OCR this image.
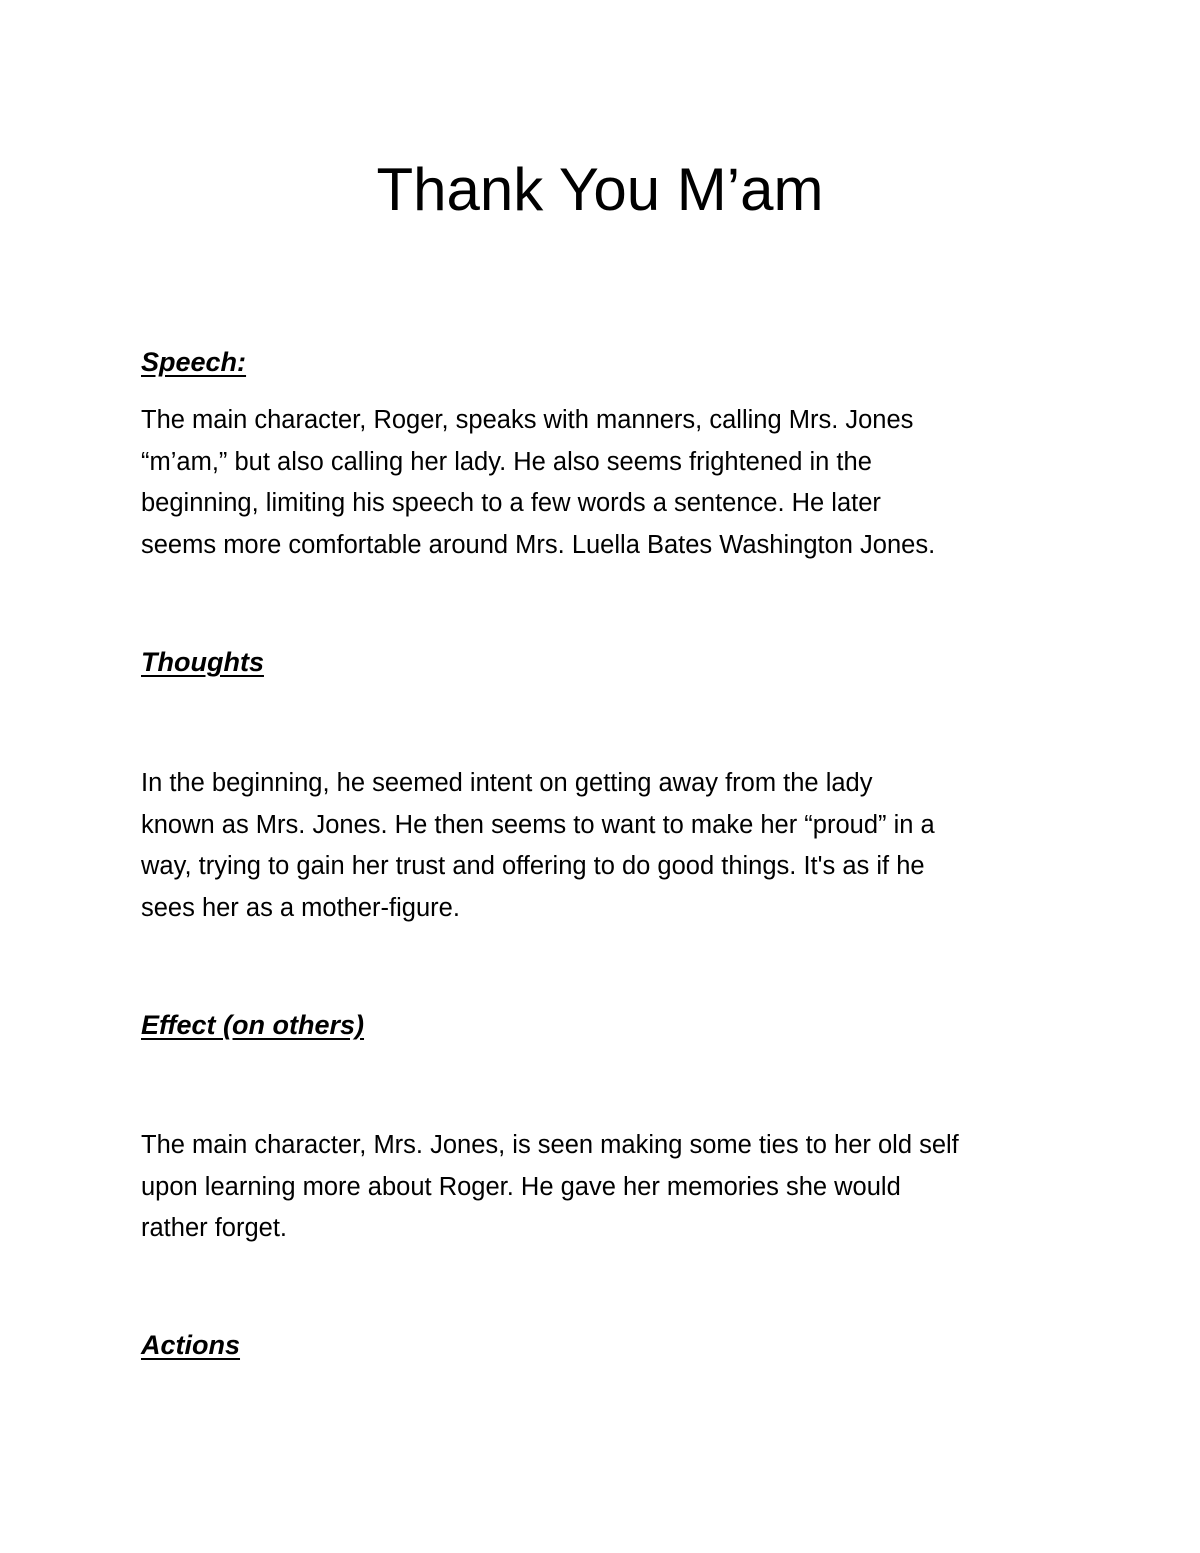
Thank You M’am
Speech:

The main character, Roger, speaks with manners, calling Mrs. Jones
“m’am,” but also calling her lady. He also seems frightened in the
beginning, limiting his speech to a few words a sentence. He later
seems more comfortable around Mrs. Luella Bates Washington Jones.

Thoughts

In the beginning, he seemed intent on getting away from the lady
known as Mrs. Jones. He then seems to want to make her “proud” in a
way, trying to gain her trust and offering to do good things. It's as if he
sees her as a mother-figure.

Effect (on others)

The main character, Mrs. Jones, is seen making some ties to her old self
upon learning more about Roger. He gave her memories she would
rather forget.

Actions
